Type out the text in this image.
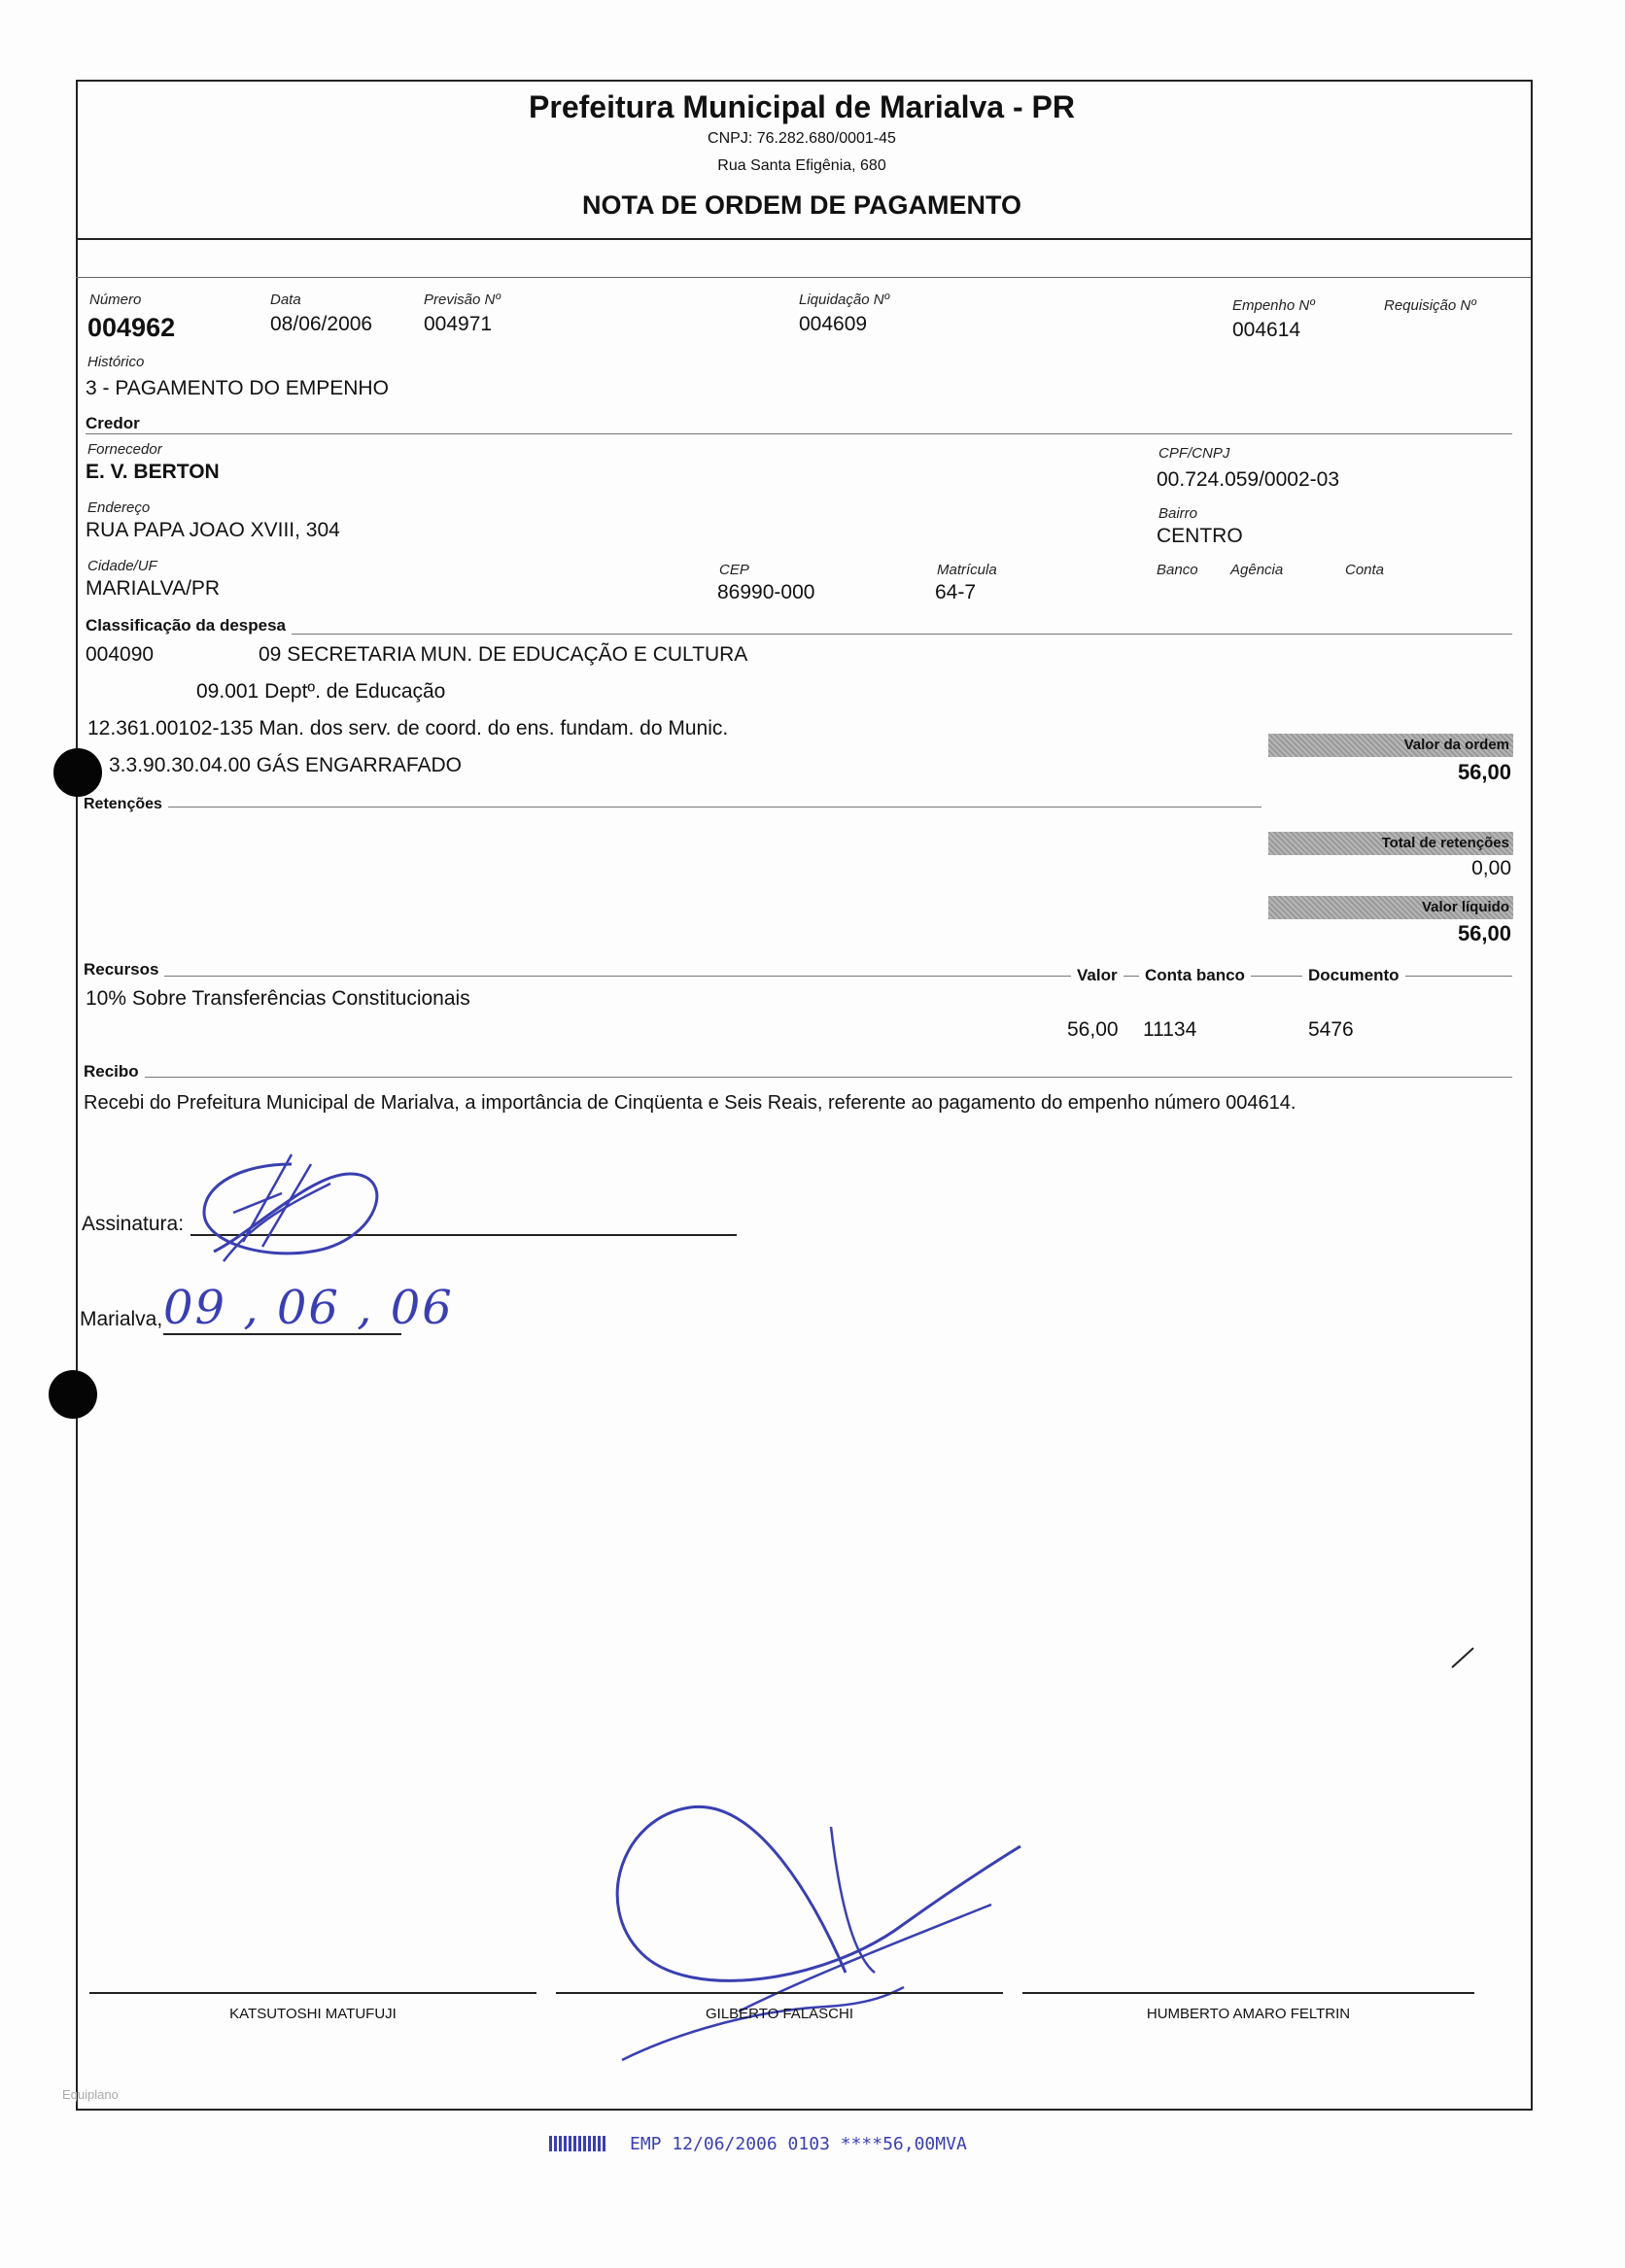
Prefeitura Municipal de Marialva - PR
CNPJ: 76.282.680/0001-45
Rua Santa Efigênia, 680
NOTA DE ORDEM DE PAGAMENTO
Número
004962
Data
08/06/2006
Previsão Nº
004971
Liquidação Nº
004609
Empenho Nº
004614
Requisição Nº
Histórico
3 - PAGAMENTO DO EMPENHO
Credor
Fornecedor
E. V. BERTON
CPF/CNPJ
00.724.059/0002-03
Endereço
RUA PAPA JOAO XVIII, 304
Bairro
CENTRO
Cidade/UF
MARIALVA/PR
CEP
86990-000
Matrícula
64-7
Banco Agência	Conta
Classificação da despesa
004090	09 SECRETARIA MUN. DE EDUCAÇÃO E CULTURA
09.001 Deptº. de Educação
12.361.00102-135 Man. dos serv. de coord. do ens. fundam. do Munic.
3.3.90.30.04.00 GÁS ENGARRAFADO
Valor da ordem
56,00
Retenções
Total de retenções
0,00
Valor líquido
56,00
Recursos	Valor	Conta banco	Documento
10% Sobre Transferências Constitucionais
56,00 11134	5476
Recibo
Recebi do Prefeitura Municipal de Marialva, a importância de Cinqüenta e Seis Reais, referente ao pagamento do empenho número 004614.
Assinatura:
Marialva, 09 , 06 , 06
KATSUTOSHI MATUFUJI	GILBERTO FALASCHI	HUMBERTO AMARO FELTRIN
Equiplano
EMP 12/06/2006 0103 ****56,00MVA
